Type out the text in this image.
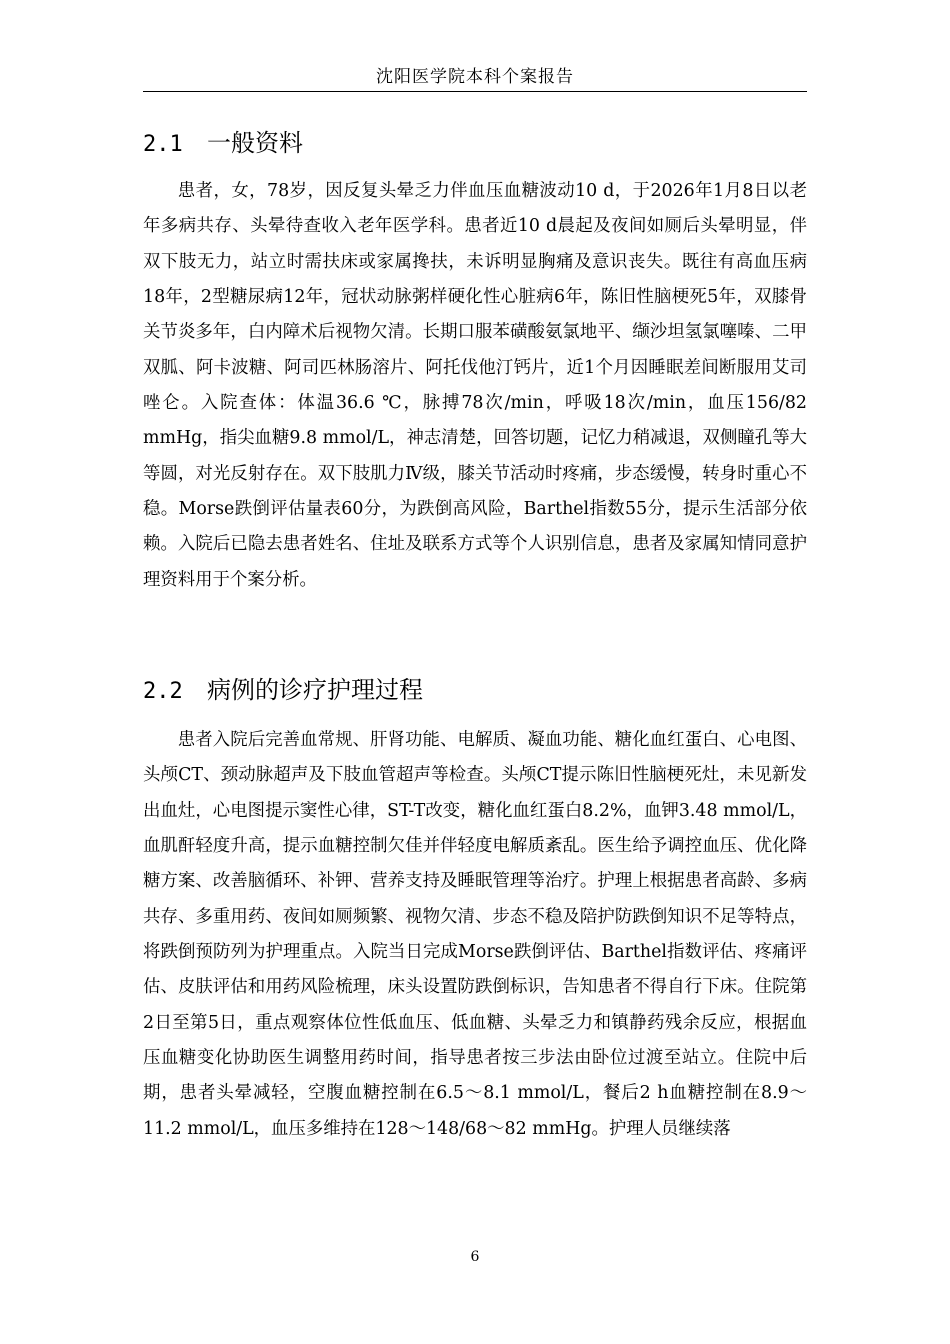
沈阳医学院本科个案报告
2.1 一般资料

患者，女，78岁，因反复头晕乏力伴血压血糖波动10 d，于2026年1月8日以老年多病共存、头晕待查收入老年医学科。患者近10 d晨起及夜间如厕后头晕明显，伴双下肢无力，站立时需扶床或家属搀扶，未诉明显胸痛及意识丧失。既往有高血压病18年，2型糖尿病12年，冠状动脉粥样硬化性心脏病6年，陈旧性脑梗死5年，双膝骨关节炎多年，白内障术后视物欠清。长期口服苯磺酸氨氯地平、缬沙坦氢氯噻嗪、二甲双胍、阿卡波糖、阿司匹林肠溶片、阿托伐他汀钙片，近1个月因睡眠差间断服用艾司唑仑。入院查体：体温36.6 ℃，脉搏78次/min，呼吸18次/min，血压156/82 mmHg，指尖血糖9.8 mmol/L，神志清楚，回答切题，记忆力稍减退，双侧瞳孔等大等圆，对光反射存在。双下肢肌力Ⅳ级，膝关节活动时疼痛，步态缓慢，转身时重心不稳。Morse跌倒评估量表60分，为跌倒高风险，Barthel指数55分，提示生活部分依赖。入院后已隐去患者姓名、住址及联系方式等个人识别信息，患者及家属知情同意护理资料用于个案分析。

2.2 病例的诊疗护理过程

患者入院后完善血常规、肝肾功能、电解质、凝血功能、糖化血红蛋白、心电图、头颅CT、颈动脉超声及下肢血管超声等检查。头颅CT提示陈旧性脑梗死灶，未见新发出血灶，心电图提示窦性心律，ST-T改变，糖化血红蛋白8.2%，血钾3.48 mmol/L，血肌酐轻度升高，提示血糖控制欠佳并伴轻度电解质紊乱。医生给予调控血压、优化降糖方案、改善脑循环、补钾、营养支持及睡眠管理等治疗。护理上根据患者高龄、多病共存、多重用药、夜间如厕频繁、视物欠清、步态不稳及陪护防跌倒知识不足等特点，将跌倒预防列为护理重点。入院当日完成Morse跌倒评估、Barthel指数评估、疼痛评估、皮肤评估和用药风险梳理，床头设置防跌倒标识，告知患者不得自行下床。住院第2日至第5日，重点观察体位性低血压、低血糖、头晕乏力和镇静药残余反应，根据血压血糖变化协助医生调整用药时间，指导患者按三步法由卧位过渡至站立。住院中后期，患者头晕减轻，空腹血糖控制在6.5～8.1 mmol/L，餐后2 h血糖控制在8.9～11.2 mmol/L，血压多维持在128～148/68～82 mmHg。护理人员继续落

6
